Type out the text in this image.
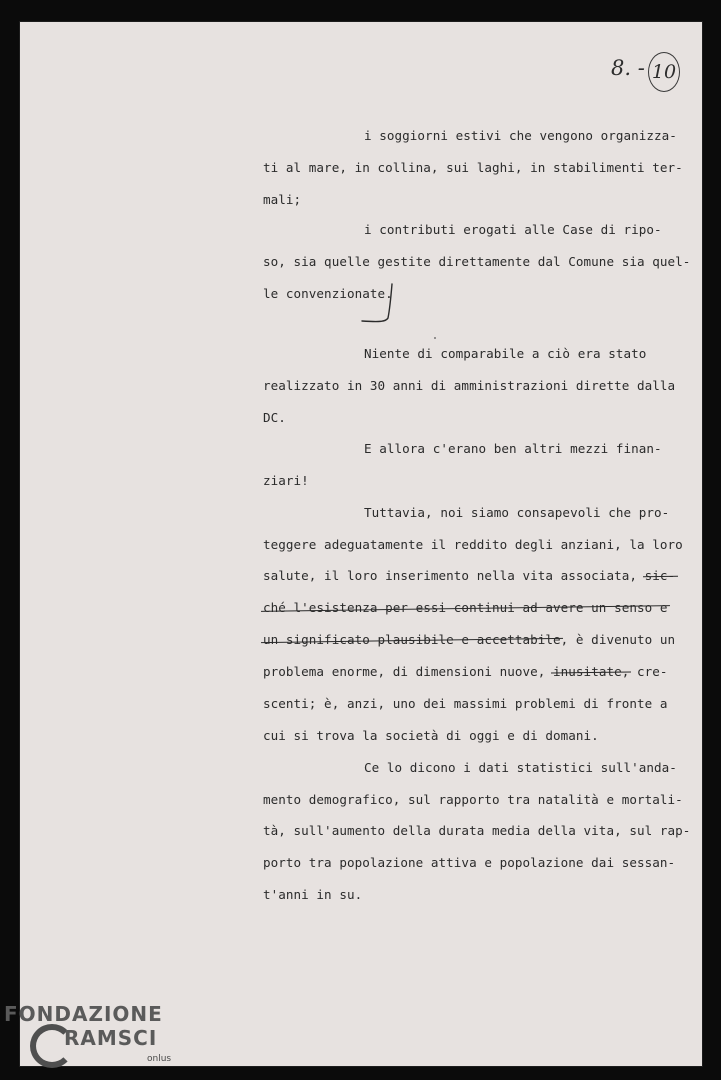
8. - 10
i soggiorni estivi che vengono organizza-
ti al mare, in collina, sui laghi, in stabilimenti ter-
mali;
i contributi erogati alle Case di ripo-
so, sia quelle gestite direttamente dal Comune sia quel-
le convenzionate.
Niente di comparabile a ciò era stato
realizzato in 30 anni di amministrazioni dirette dalla
DC.
E allora c'erano ben altri mezzi finan-
ziari!
Tuttavia, noi siamo consapevoli che pro-
teggere adeguatamente il reddito degli anziani, la loro
salute, il loro inserimento nella vita associata, sic-
ché l'esistenza per essi continui ad avere un senso e
un significato plausibile e accettabile, è divenuto un
problema enorme, di dimensioni nuove, inusitate, cre-
scenti; è, anzi, uno dei massimi problemi di fronte a
cui si trova la società di oggi e di domani.
Ce lo dicono i dati statistici sull'anda-
mento demografico, sul rapporto tra natalità e mortali-
tà, sull'aumento della durata media della vita, sul rap-
porto tra popolazione attiva e popolazione dai sessan-
t'anni in su.
FONDAZIONE
RAMSCI
onlus
